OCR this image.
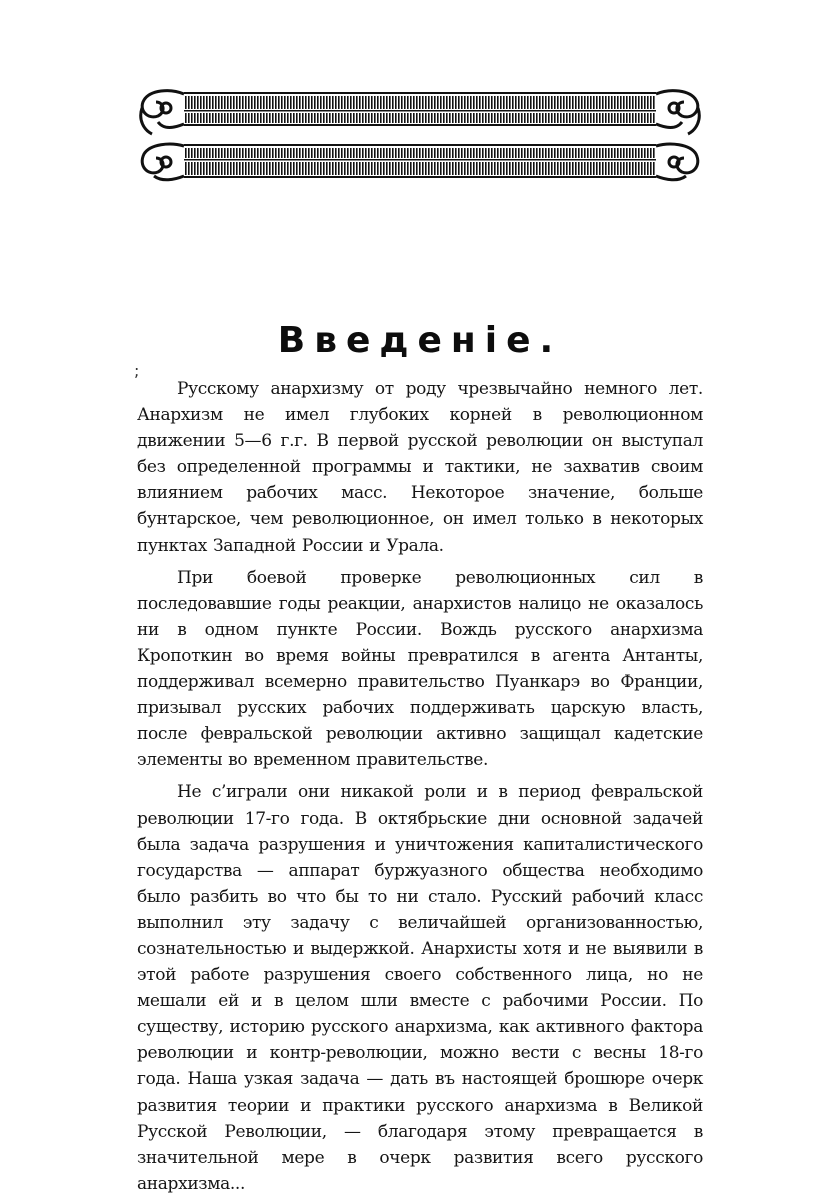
Введенiе.
;

Русскому анархизму от роду чрезвычайно немного лет. Анархизм не имел глубоких корней в революционном движении 5—6 г.г. В первой русской революции он выступал без определенной программы и тактики, не захватив своим влиянием рабочих масс. Некоторое значение, больше бунтарское, чем революционное, он имел только в некоторых пунктах Западной России и Урала.

При боевой проверке революционных сил в последовавшие годы реакции, анархистов налицо не оказалось ни в одном пункте России. Вождь русского анархизма Кропоткин во время войны превратился в агента Антанты, поддерживал всемерно правительство Пуанкарэ во Франции, призывал русских рабочих поддерживать царскую власть, после февральской революции активно защищал кадетские элементы во временном правительстве.

Не с’играли они никакой роли и в период февральской революции 17-го года. В октябрьские дни основной задачей была задача разрушения и уничтожения капиталистического государства — аппарат буржуазного общества необходимо было разбить во что бы то ни стало. Русский рабочий класс выполнил эту задачу с величайшей организованностью, сознательностью и выдержкой. Анархисты хотя и не выявили в этой работе разрушения своего собственного лица, но не мешали ей и в целом шли вместе с рабочими России. По существу, историю русского анархизма, как активного фактора революции и контр-революции, можно вести с весны 18-го года. Наша узкая задача — дать въ настоящей брошюре очерк развития теории и практики русского анархизма в Великой Русской Революции, — благодаря этому превращается в значительной мере в очерк развития всего русского анархизма...
